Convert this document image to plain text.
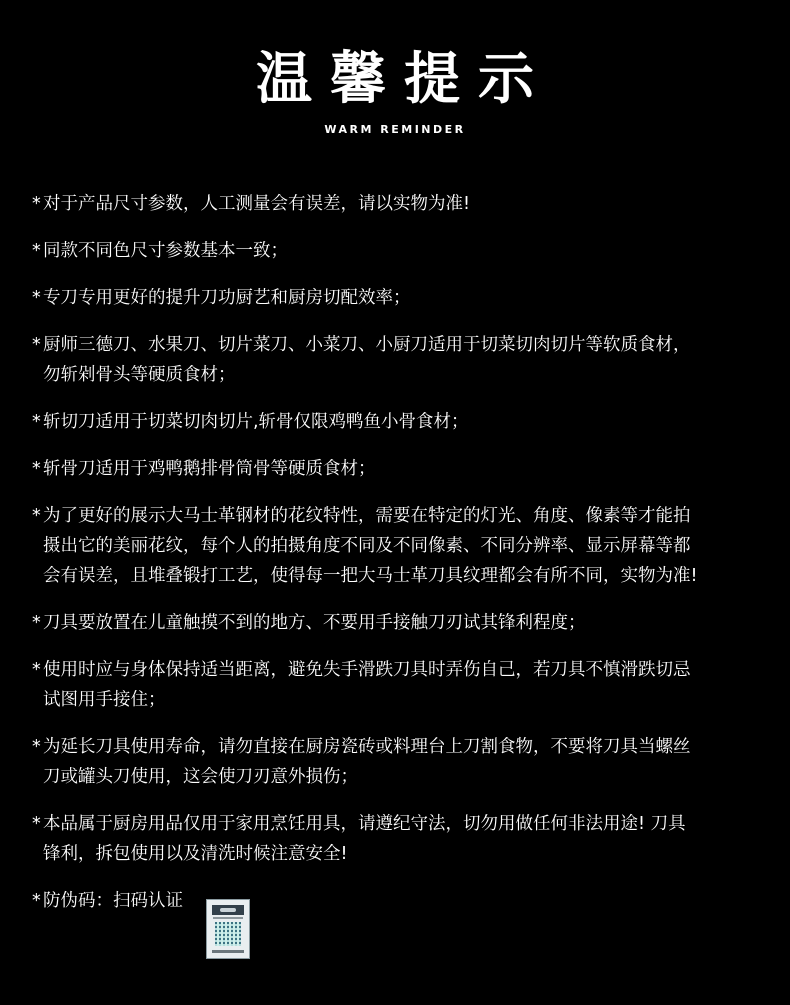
温馨提示
WARM REMINDER
* 对于产品尺寸参数，人工测量会有误差，请以实物为准!
* 同款不同色尺寸参数基本一致；
* 专刀专用更好的提升刀功厨艺和厨房切配效率；
* 厨师三德刀、水果刀、切片菜刀、小菜刀、小厨刀适用于切菜切肉切片等软质食材，
勿斩剁骨头等硬质食材；
* 斩切刀适用于切菜切肉切片,斩骨仅限鸡鸭鱼小骨食材；
* 斩骨刀适用于鸡鸭鹅排骨筒骨等硬质食材；
* 为了更好的展示大马士革钢材的花纹特性，需要在特定的灯光、角度、像素等才能拍
摄出它的美丽花纹，每个人的拍摄角度不同及不同像素、不同分辨率、显示屏幕等都
会有误差，且堆叠锻打工艺，使得每一把大马士革刀具纹理都会有所不同，实物为准!
* 刀具要放置在儿童触摸不到的地方、不要用手接触刀刃试其锋利程度；
* 使用时应与身体保持适当距离，避免失手滑跌刀具时弄伤自己，若刀具不慎滑跌切忌
试图用手接住；
* 为延长刀具使用寿命，请勿直接在厨房瓷砖或料理台上刀割食物，不要将刀具当螺丝
刀或罐头刀使用，这会使刀刃意外损伤；
* 本品属于厨房用品仅用于家用烹饪用具，请遵纪守法，切勿用做任何非法用途! 刀具
锋利，拆包使用以及清洗时候注意安全!
* 防伪码：扫码认证
